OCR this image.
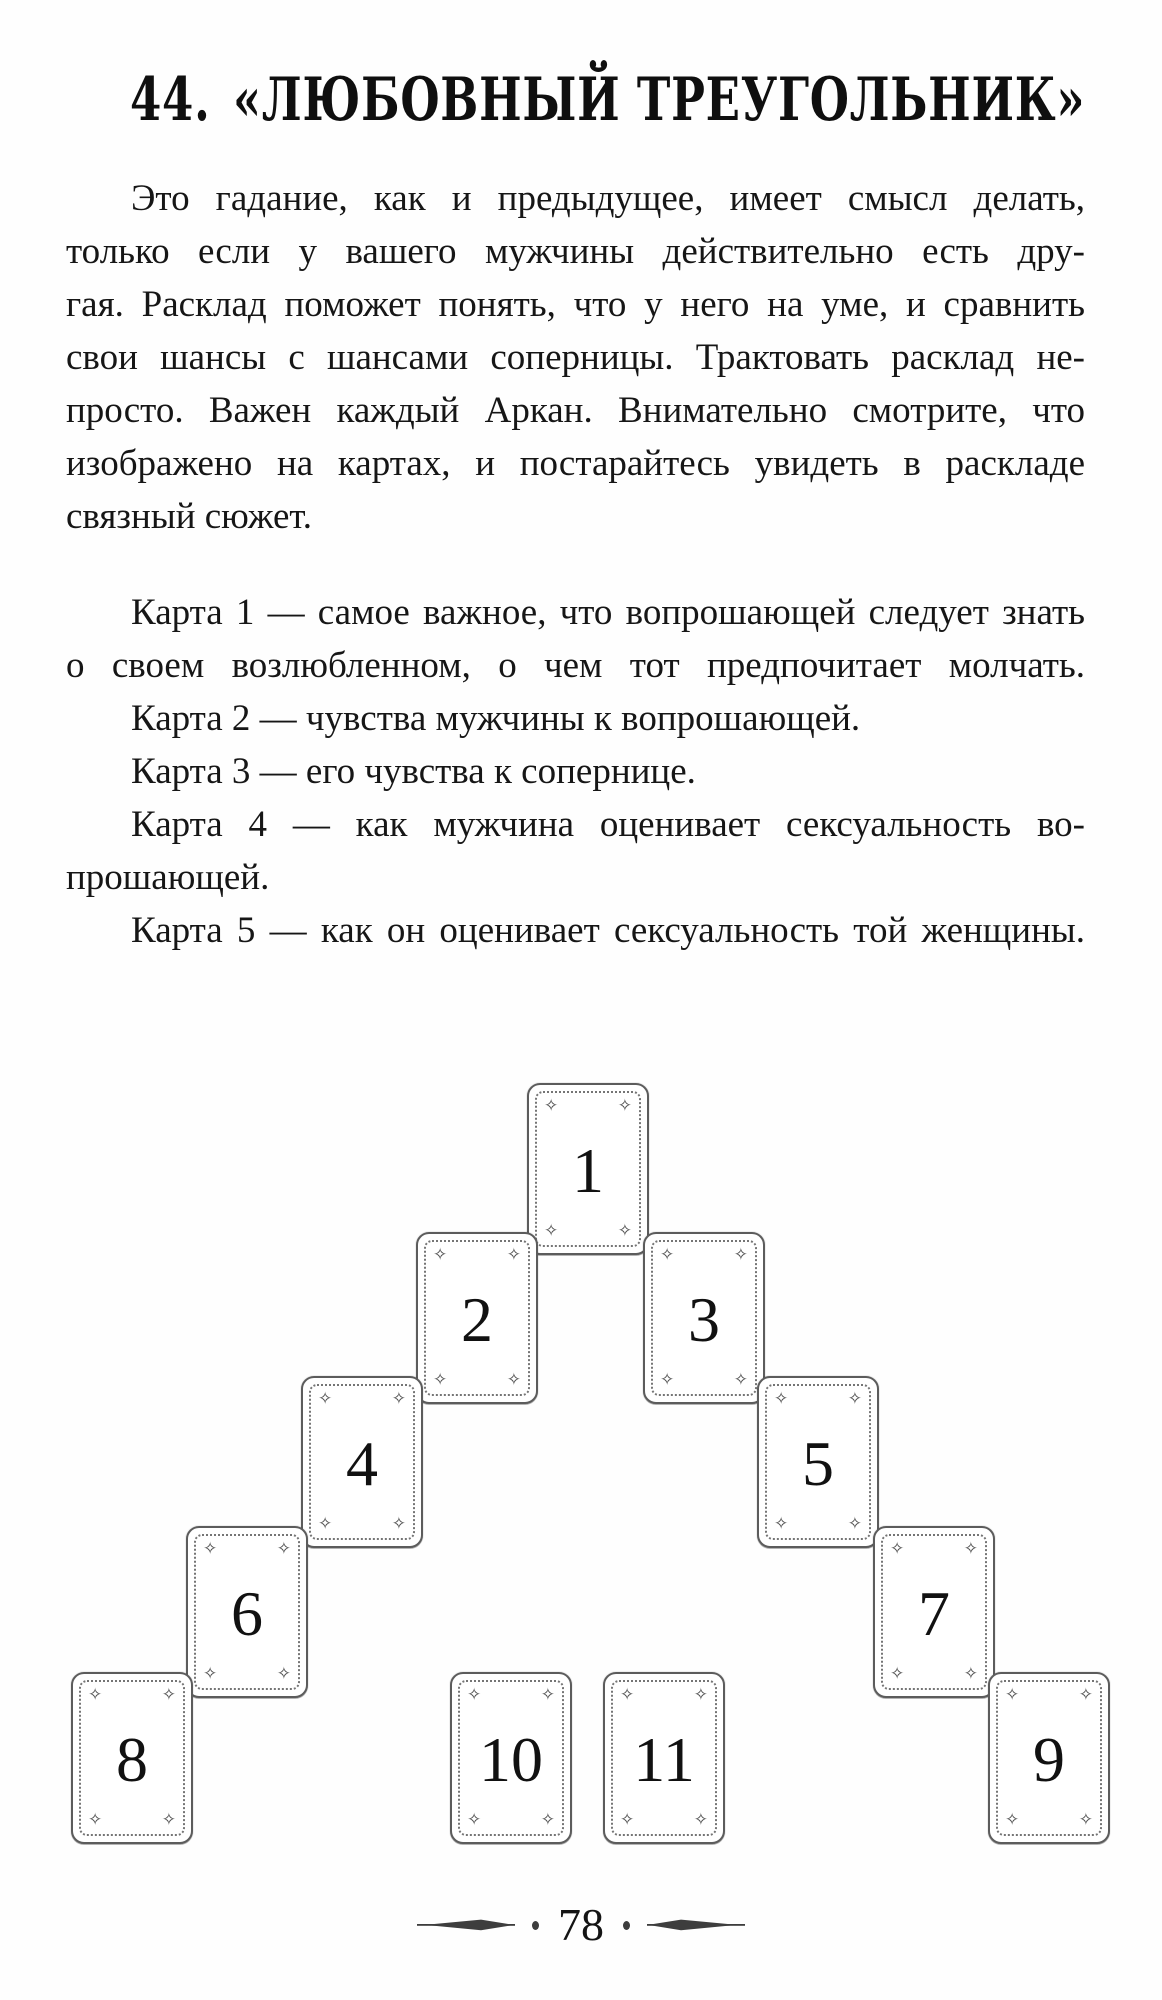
44. «ЛЮБОВНЫЙ ТРЕУГОЛЬНИК»
Это гадание, как и предыдущее, имеет смысл делать,
только если у вашего мужчины действительно есть дру-
гая. Расклад поможет понять, что у него на уме, и сравнить
свои шансы с шансами соперницы. Трактовать расклад не-
просто. Важен каждый Аркан. Внимательно смотрите, что
изображено на картах, и постарайтесь увидеть в раскладе
связный сюжет.
Карта 1 — самое важное, что вопрошающей следует знать
о своем возлюбленном, о чем тот предпочитает молчать.
Карта 2 — чувства мужчины к вопрошающей.
Карта 3 — его чувства к сопернице.
Карта 4 — как мужчина оценивает сексуальность во-
прошающей.
Карта 5 — как он оценивает сексуальность той женщины.
✧	✧
✧	✧
1
✧	✧
✧	✧
2
✧	✧
✧	✧
3
✧	✧
✧	✧
4
✧	✧
✧	✧
5
✧	✧
✧	✧
6
✧	✧
✧	✧
7
✧	✧
✧	✧
8
✧	✧
✧	✧
10
✧	✧
✧	✧
11
✧	✧
✧	✧
9
78
